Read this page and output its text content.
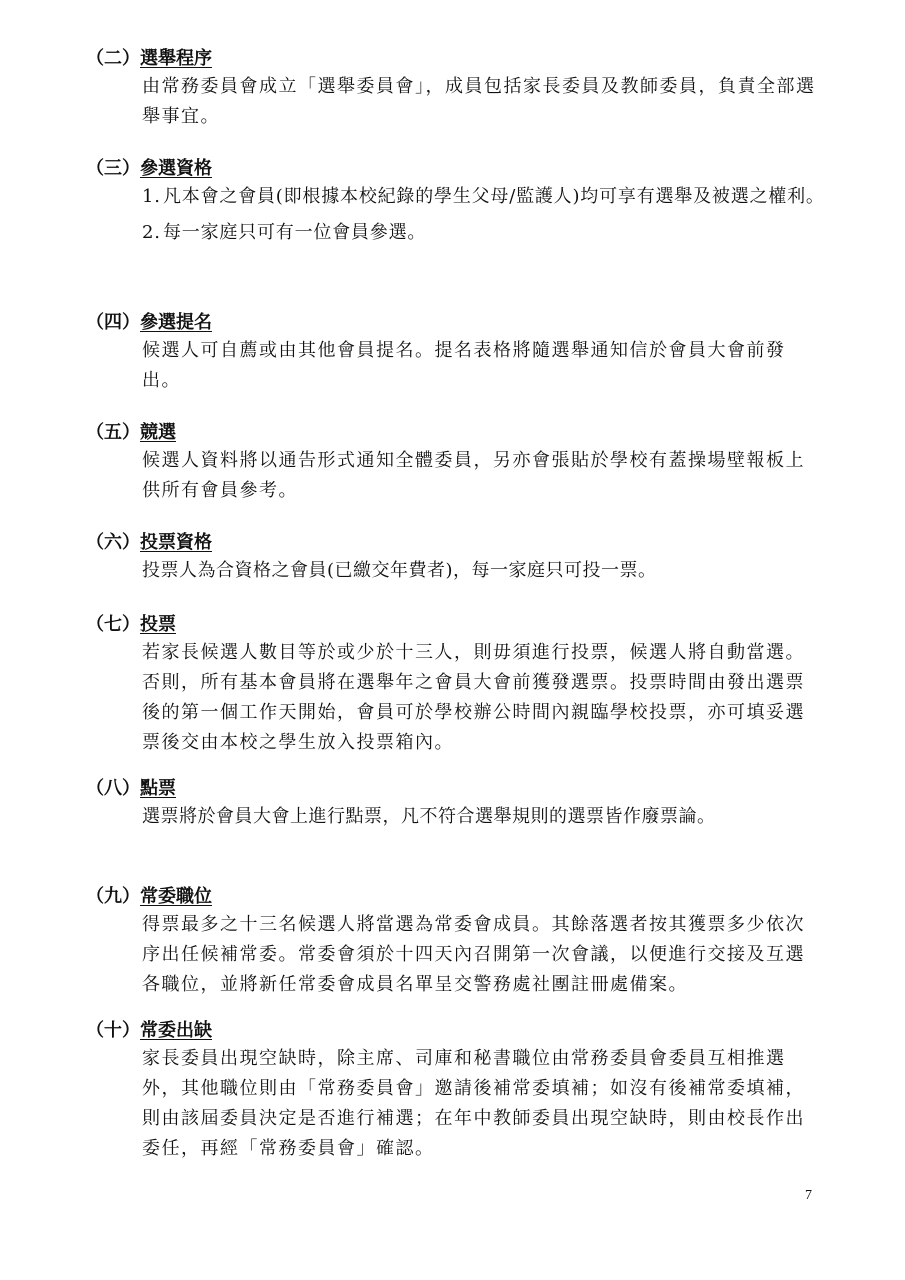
（二）選舉程序
由常務委員會成立「選舉委員會」，成員包括家長委員及教師委員，負責全部選舉事宜。
（三）參選資格
1. 凡本會之會員(即根據本校紀錄的學生父母/監護人)均可享有選舉及被選之權利。
2. 每一家庭只可有一位會員參選。
（四）參選提名
候選人可自薦或由其他會員提名。提名表格將隨選舉通知信於會員大會前發出。
（五）競選
候選人資料將以通告形式通知全體委員，另亦會張貼於學校有蓋操場壁報板上供所有會員參考。
（六）投票資格
投票人為合資格之會員(已繳交年費者)，每一家庭只可投一票。
（七）投票
若家長候選人數目等於或少於十三人，則毋須進行投票，候選人將自動當選。否則，所有基本會員將在選舉年之會員大會前獲發選票。投票時間由發出選票後的第一個工作天開始，會員可於學校辦公時間內親臨學校投票，亦可填妥選票後交由本校之學生放入投票箱內。
（八）點票
選票將於會員大會上進行點票，凡不符合選舉規則的選票皆作廢票論。
（九）常委職位
得票最多之十三名候選人將當選為常委會成員。其餘落選者按其獲票多少依次序出任候補常委。常委會須於十四天內召開第一次會議，以便進行交接及互選各職位，並將新任常委會成員名單呈交警務處社團註冊處備案。
（十）常委出缺
家長委員出現空缺時，除主席、司庫和秘書職位由常務委員會委員互相推選外，其他職位則由「常務委員會」邀請後補常委填補；如沒有後補常委填補，則由該屆委員決定是否進行補選；在年中教師委員出現空缺時，則由校長作出委任，再經「常務委員會」確認。
7
